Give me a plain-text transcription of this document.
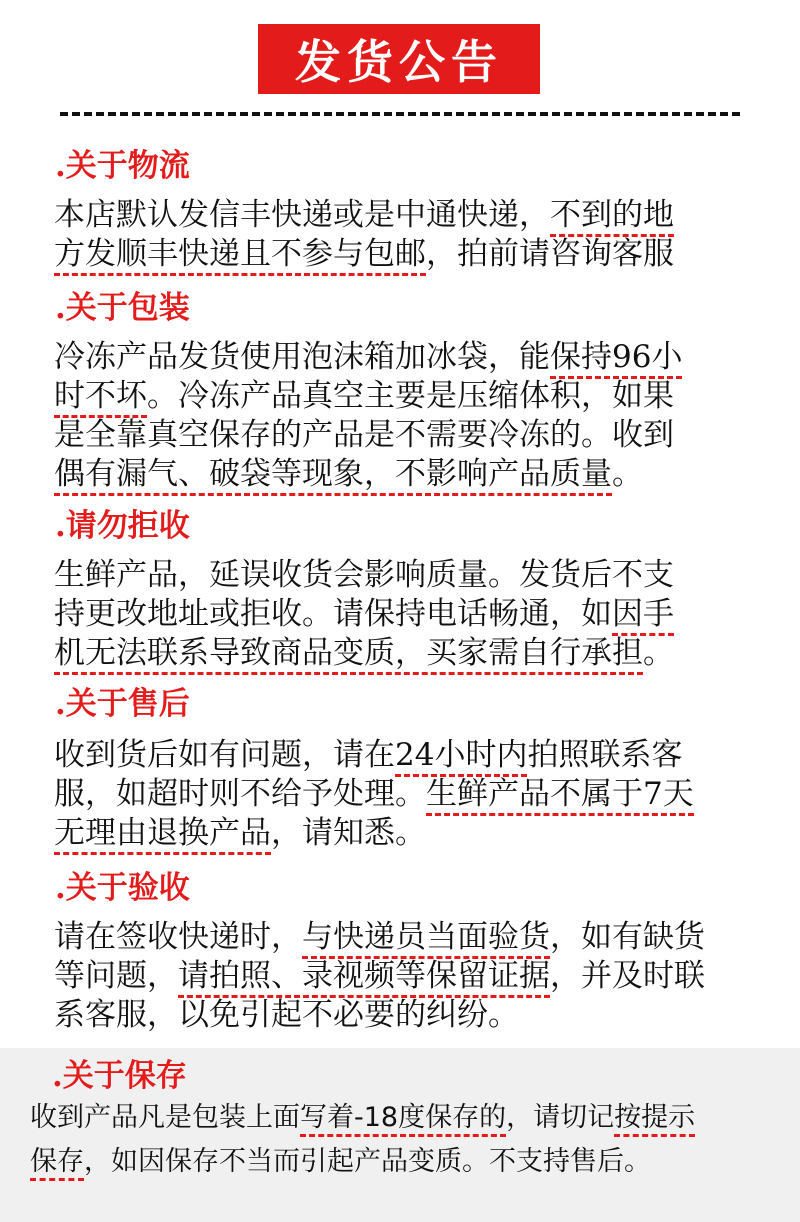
发货公告
.关于物流
本店默认发信丰快递或是中通快递，不到的地
方发顺丰快递且不参与包邮，拍前请咨询客服
.关于包装
冷冻产品发货使用泡沫箱加冰袋，能保持96小
时不坏。冷冻产品真空主要是压缩体积，如果
是全靠真空保存的产品是不需要冷冻的。收到
偶有漏气、破袋等现象，不影响产品质量。
.请勿拒收
生鲜产品，延误收货会影响质量。发货后不支
持更改地址或拒收。请保持电话畅通，如因手
机无法联系导致商品变质，买家需自行承担。
.关于售后
收到货后如有问题，请在24小时内拍照联系客
服，如超时则不给予处理。生鲜产品不属于7天
无理由退换产品，请知悉。
.关于验收
请在签收快递时，与快递员当面验货，如有缺货
等问题，请拍照、录视频等保留证据，并及时联
系客服，以免引起不必要的纠纷。
.关于保存
收到产品凡是包装上面写着-18度保存的，请切记按提示
保存，如因保存不当而引起产品变质。不支持售后。
